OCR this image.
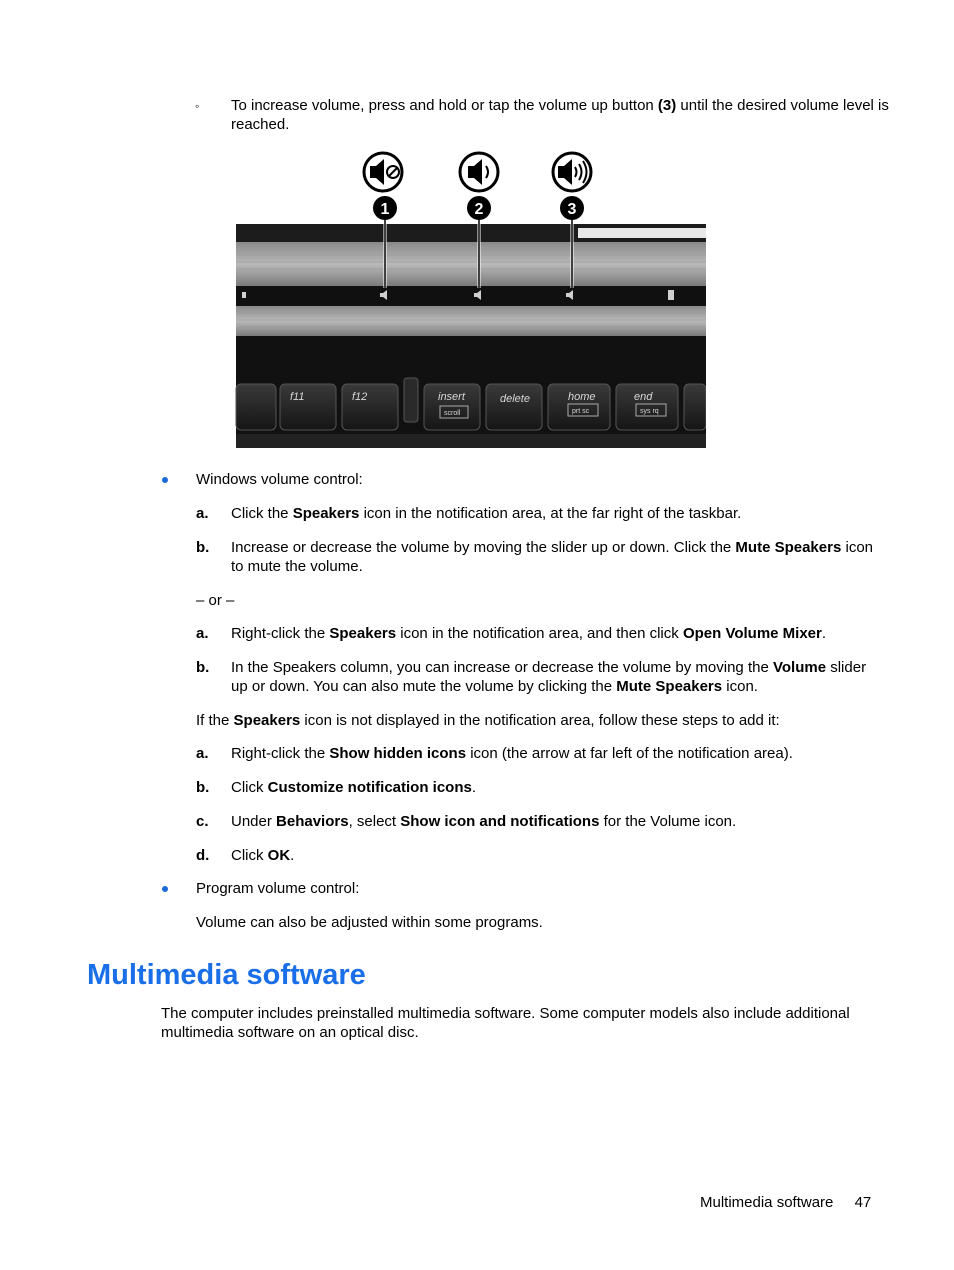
◦ To increase volume, press and hold or tap the volume up button (3) until the desired volume level is reached.

f11	f12	insert	delete	home	end
scroll	prt sc	sys rq
1	2	3

Windows volume control:

a. Click the Speakers icon in the notification area, at the far right of the taskbar.

b. Increase or decrease the volume by moving the slider up or down. Click the Mute Speakers icon to mute the volume.

– or –

a. Right-click the Speakers icon in the notification area, and then click Open Volume Mixer.

b. In the Speakers column, you can increase or decrease the volume by moving the Volume slider up or down. You can also mute the volume by clicking the Mute Speakers icon.

If the Speakers icon is not displayed in the notification area, follow these steps to add it:

a. Right-click the Show hidden icons icon (the arrow at far left of the notification area).

b. Click Customize notification icons.

c. Under Behaviors, select Show icon and notifications for the Volume icon.

d. Click OK.

Program volume control:

Volume can also be adjusted within some programs.

Multimedia software

The computer includes preinstalled multimedia software. Some computer models also include additional multimedia software on an optical disc.

Multimedia software 47
